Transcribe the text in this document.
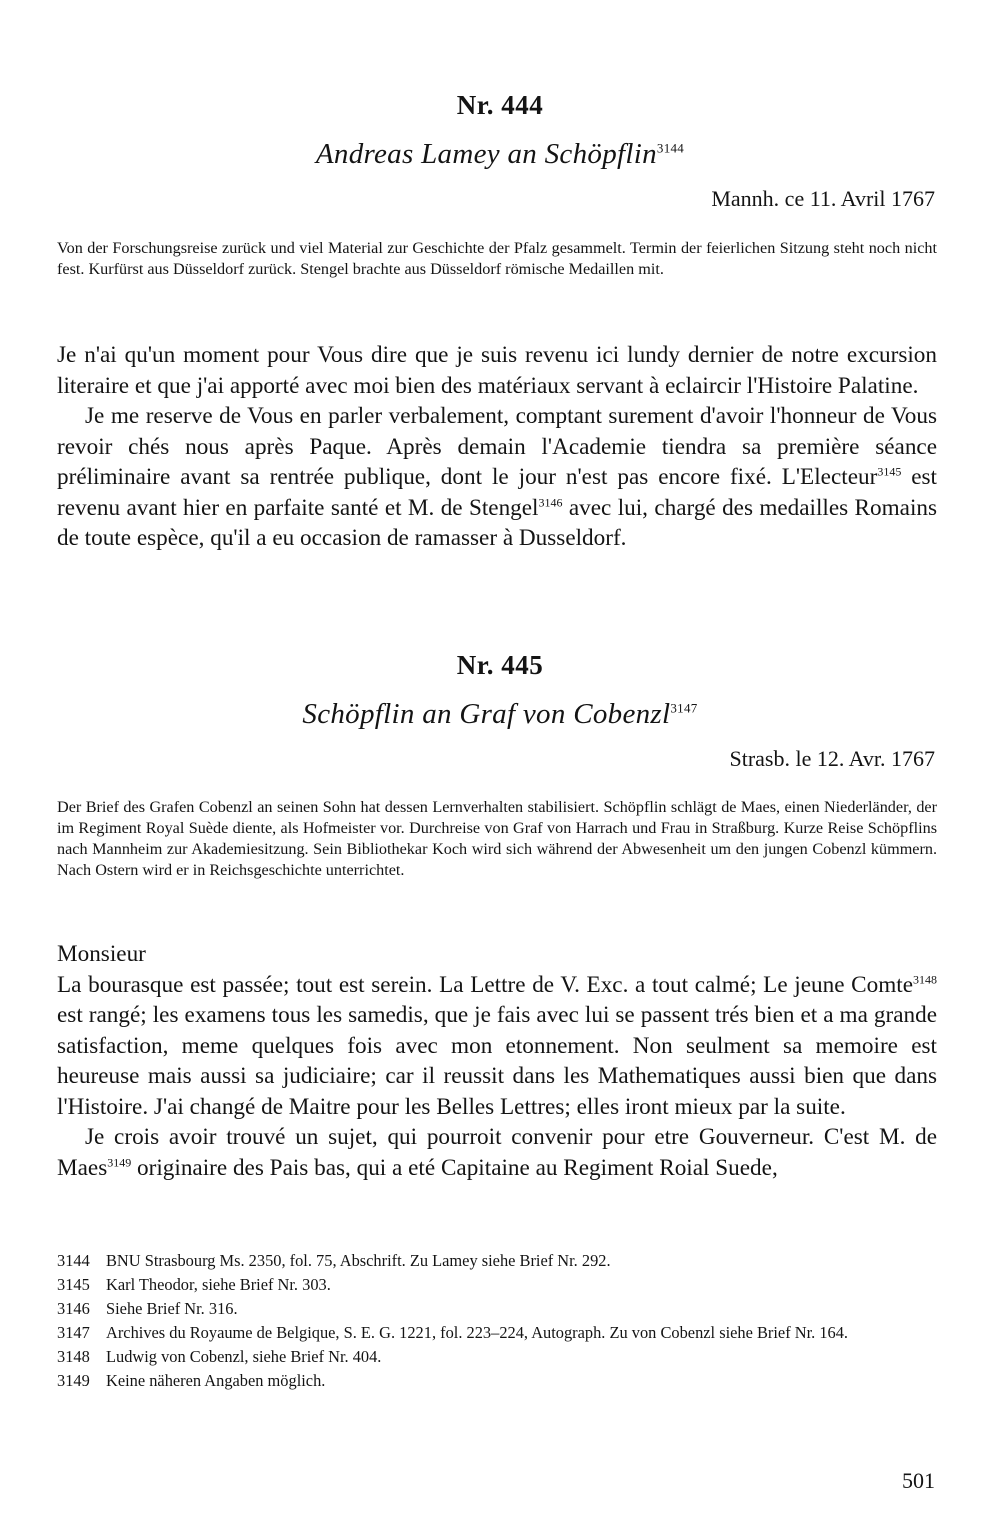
Nr. 444
Andreas Lamey an Schöpflin$^{3144}$
Mannh. ce 11. Avril 1767
Von der Forschungsreise zurück und viel Material zur Geschichte der Pfalz gesammelt. Termin der feierlichen Sitzung steht noch nicht fest. Kurfürst aus Düsseldorf zurück. Stengel brachte aus Düsseldorf römische Medaillen mit.

Je n'ai qu'un moment pour Vous dire que je suis revenu ici lundy dernier de notre excursion literaire et que j'ai apporté avec moi bien des matériaux servant à eclaircir l'Histoire Palatine.

Je me reserve de Vous en parler verbalement, comptant surement d'avoir l'honneur de Vous revoir chés nous après Paque. Après demain l'Academie tiendra sa première séance préliminaire avant sa rentrée publique, dont le jour n'est pas encore fixé. L'Electeur$^{3145}$ est revenu avant hier en parfaite santé et M. de Stengel$^{3146}$ avec lui, chargé des medailles Romains de toute espèce, qu'il a eu occasion de ramasser à Dusseldorf.

Nr. 445
Schöpflin an Graf von Cobenzl$^{3147}$
Strasb. le 12. Avr. 1767
Der Brief des Grafen Cobenzl an seinen Sohn hat dessen Lernverhalten stabilisiert. Schöpflin schlägt de Maes, einen Niederländer, der im Regiment Royal Suède diente, als Hofmeister vor. Durchreise von Graf von Harrach und Frau in Straßburg. Kurze Reise Schöpflins nach Mannheim zur Akademiesitzung. Sein Bibliothekar Koch wird sich während der Abwesenheit um den jungen Cobenzl kümmern. Nach Ostern wird er in Reichsgeschichte unterrichtet.

Monsieur

La bourasque est passée; tout est serein. La Lettre de V. Exc. a tout calmé; Le jeune Comte$^{3148}$ est rangé; les examens tous les samedis, que je fais avec lui se passent trés bien et a ma grande satisfaction, meme quelques fois avec mon etonnement. Non seulment sa memoire est heureuse mais aussi sa judiciaire; car il reussit dans les Mathematiques aussi bien que dans l'Histoire. J'ai changé de Maitre pour les Belles Lettres; elles iront mieux par la suite.

Je crois avoir trouvé un sujet, qui pourroit convenir pour etre Gouverneur. C'est M. de Maes$^{3149}$ originaire des Pais bas, qui a eté Capitaine au Regiment Roial Suede,

3144 BNU Strasbourg Ms. 2350, fol. 75, Abschrift. Zu Lamey siehe Brief Nr. 292.
3145 Karl Theodor, siehe Brief Nr. 303.
3146 Siehe Brief Nr. 316.
3147 Archives du Royaume de Belgique, S. E. G. 1221, fol. 223–224, Autograph. Zu von Cobenzl siehe Brief Nr. 164.
3148 Ludwig von Cobenzl, siehe Brief Nr. 404.
3149 Keine näheren Angaben möglich.
501
